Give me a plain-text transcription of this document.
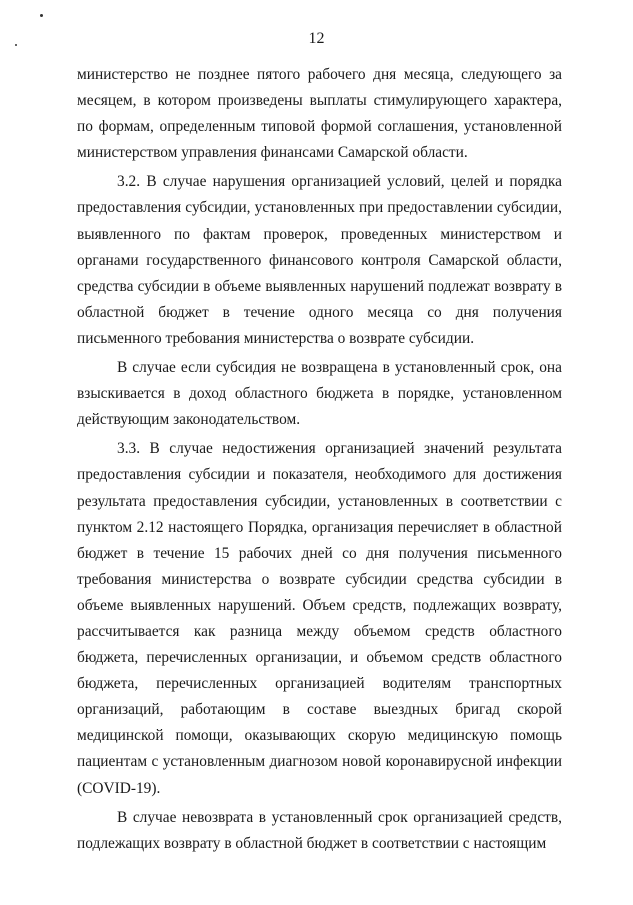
12

министерство не позднее пятого рабочего дня месяца, следующего за месяцем, в котором произведены выплаты стимулирующего характера, по формам, определенным типовой формой соглашения, установленной министерством управления финансами Самарской области.

3.2. В случае нарушения организацией условий, целей и порядка предоставления субсидии, установленных при предоставлении субсидии, выявленного по фактам проверок, проведенных министерством и органами государственного финансового контроля Самарской области, средства субсидии в объеме выявленных нарушений подлежат возврату в областной бюджет в течение одного месяца со дня получения письменного требования министерства о возврате субсидии.

В случае если субсидия не возвращена в установленный срок, она взыскивается в доход областного бюджета в порядке, установленном действующим законодательством.

3.3. В случае недостижения организацией значений результата предоставления субсидии и показателя, необходимого для достижения результата предоставления субсидии, установленных в соответствии с пунктом 2.12 настоящего Порядка, организация перечисляет в областной бюджет в течение 15 рабочих дней со дня получения письменного требования министерства о возврате субсидии средства субсидии в объеме выявленных нарушений. Объем средств, подлежащих возврату, рассчитывается как разница между объемом средств областного бюджета, перечисленных организации, и объемом средств областного бюджета, перечисленных организацией водителям транспортных организаций, работающим в составе выездных бригад скорой медицинской помощи, оказывающих скорую медицинскую помощь пациентам с установленным диагнозом новой коронавирусной инфекции (COVID-19).

В случае невозврата в установленный срок организацией средств, подлежащих возврату в областной бюджет в соответствии с настоящим
